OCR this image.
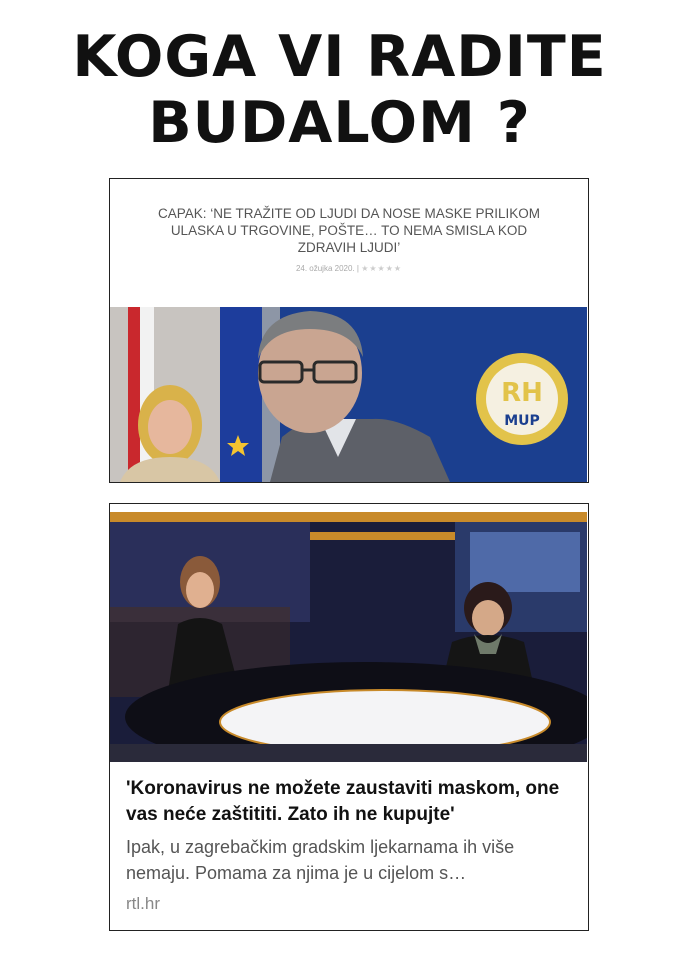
KOGA VI RADITE
BUDALOM ?
CAPAK: ‘NE TRAŽITE OD LJUDI DA NOSE MASKE PRILIKOM ULASKA U TRGOVINE, POŠTE… TO NEMA SMISLA KOD ZDRAVIH LJUDI’
24. ožujka 2020. | ★★★★★
RH
MUP
'Koronavirus ne možete zaustaviti maskom, one vas neće zaštititi. Zato ih ne kupujte'
Ipak, u zagrebačkim gradskim ljekarnama ih više nemaju. Pomama za njima je u cijelom s…
rtl.hr
